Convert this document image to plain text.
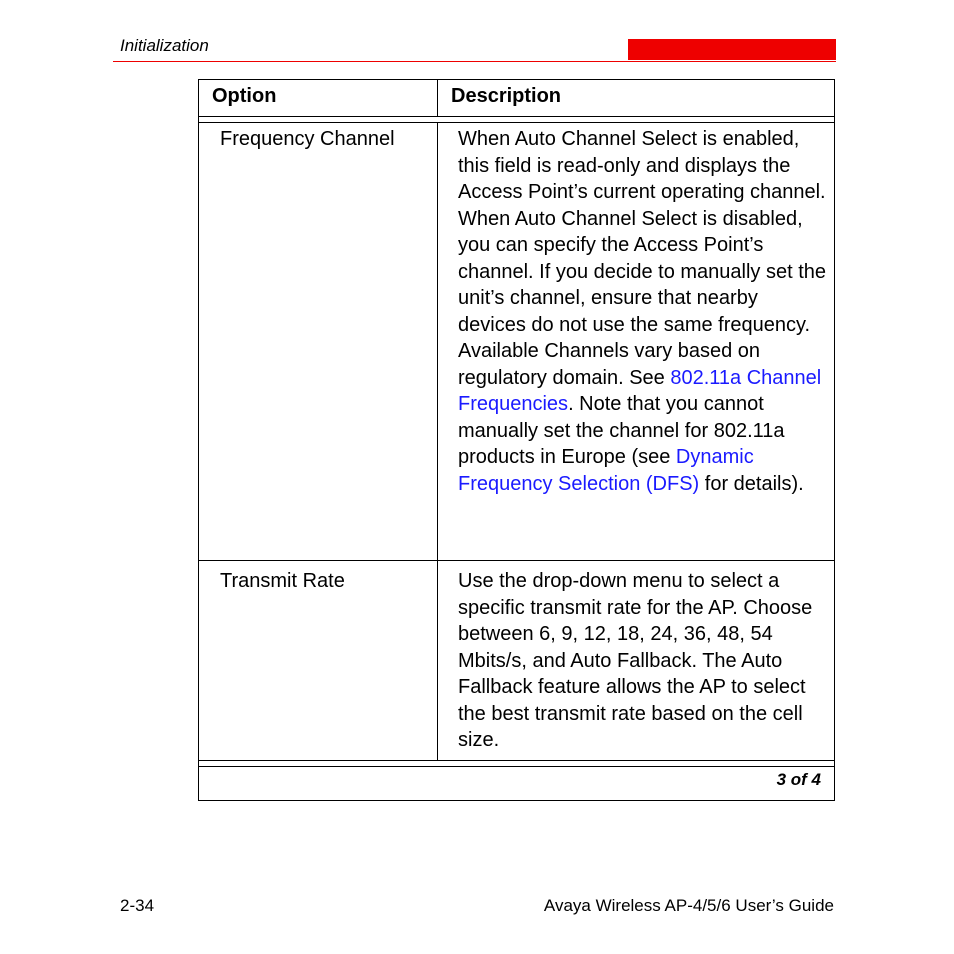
Initialization
Option	Description
Frequency Channel	When Auto Channel Select is enabled, this field is read-only and displays the Access Point’s current operating channel. When Auto Channel Select is disabled, you can specify the Access Point’s channel. If you decide to manually set the unit’s channel, ensure that nearby devices do not use the same frequency. Available Channels vary based on regulatory domain. See 802.11a Channel Frequencies. Note that you cannot manually set the channel for 802.11a products in Europe (see Dynamic Frequency Selection (DFS) for details).
Transmit Rate	Use the drop-down menu to select a specific transmit rate for the AP. Choose between 6, 9, 12, 18, 24, 36, 48, 54 Mbits/s, and Auto Fallback. The Auto Fallback feature allows the AP to select the best transmit rate based on the cell size.
3 of 4
2-34	Avaya Wireless AP-4/5/6 User’s Guide
